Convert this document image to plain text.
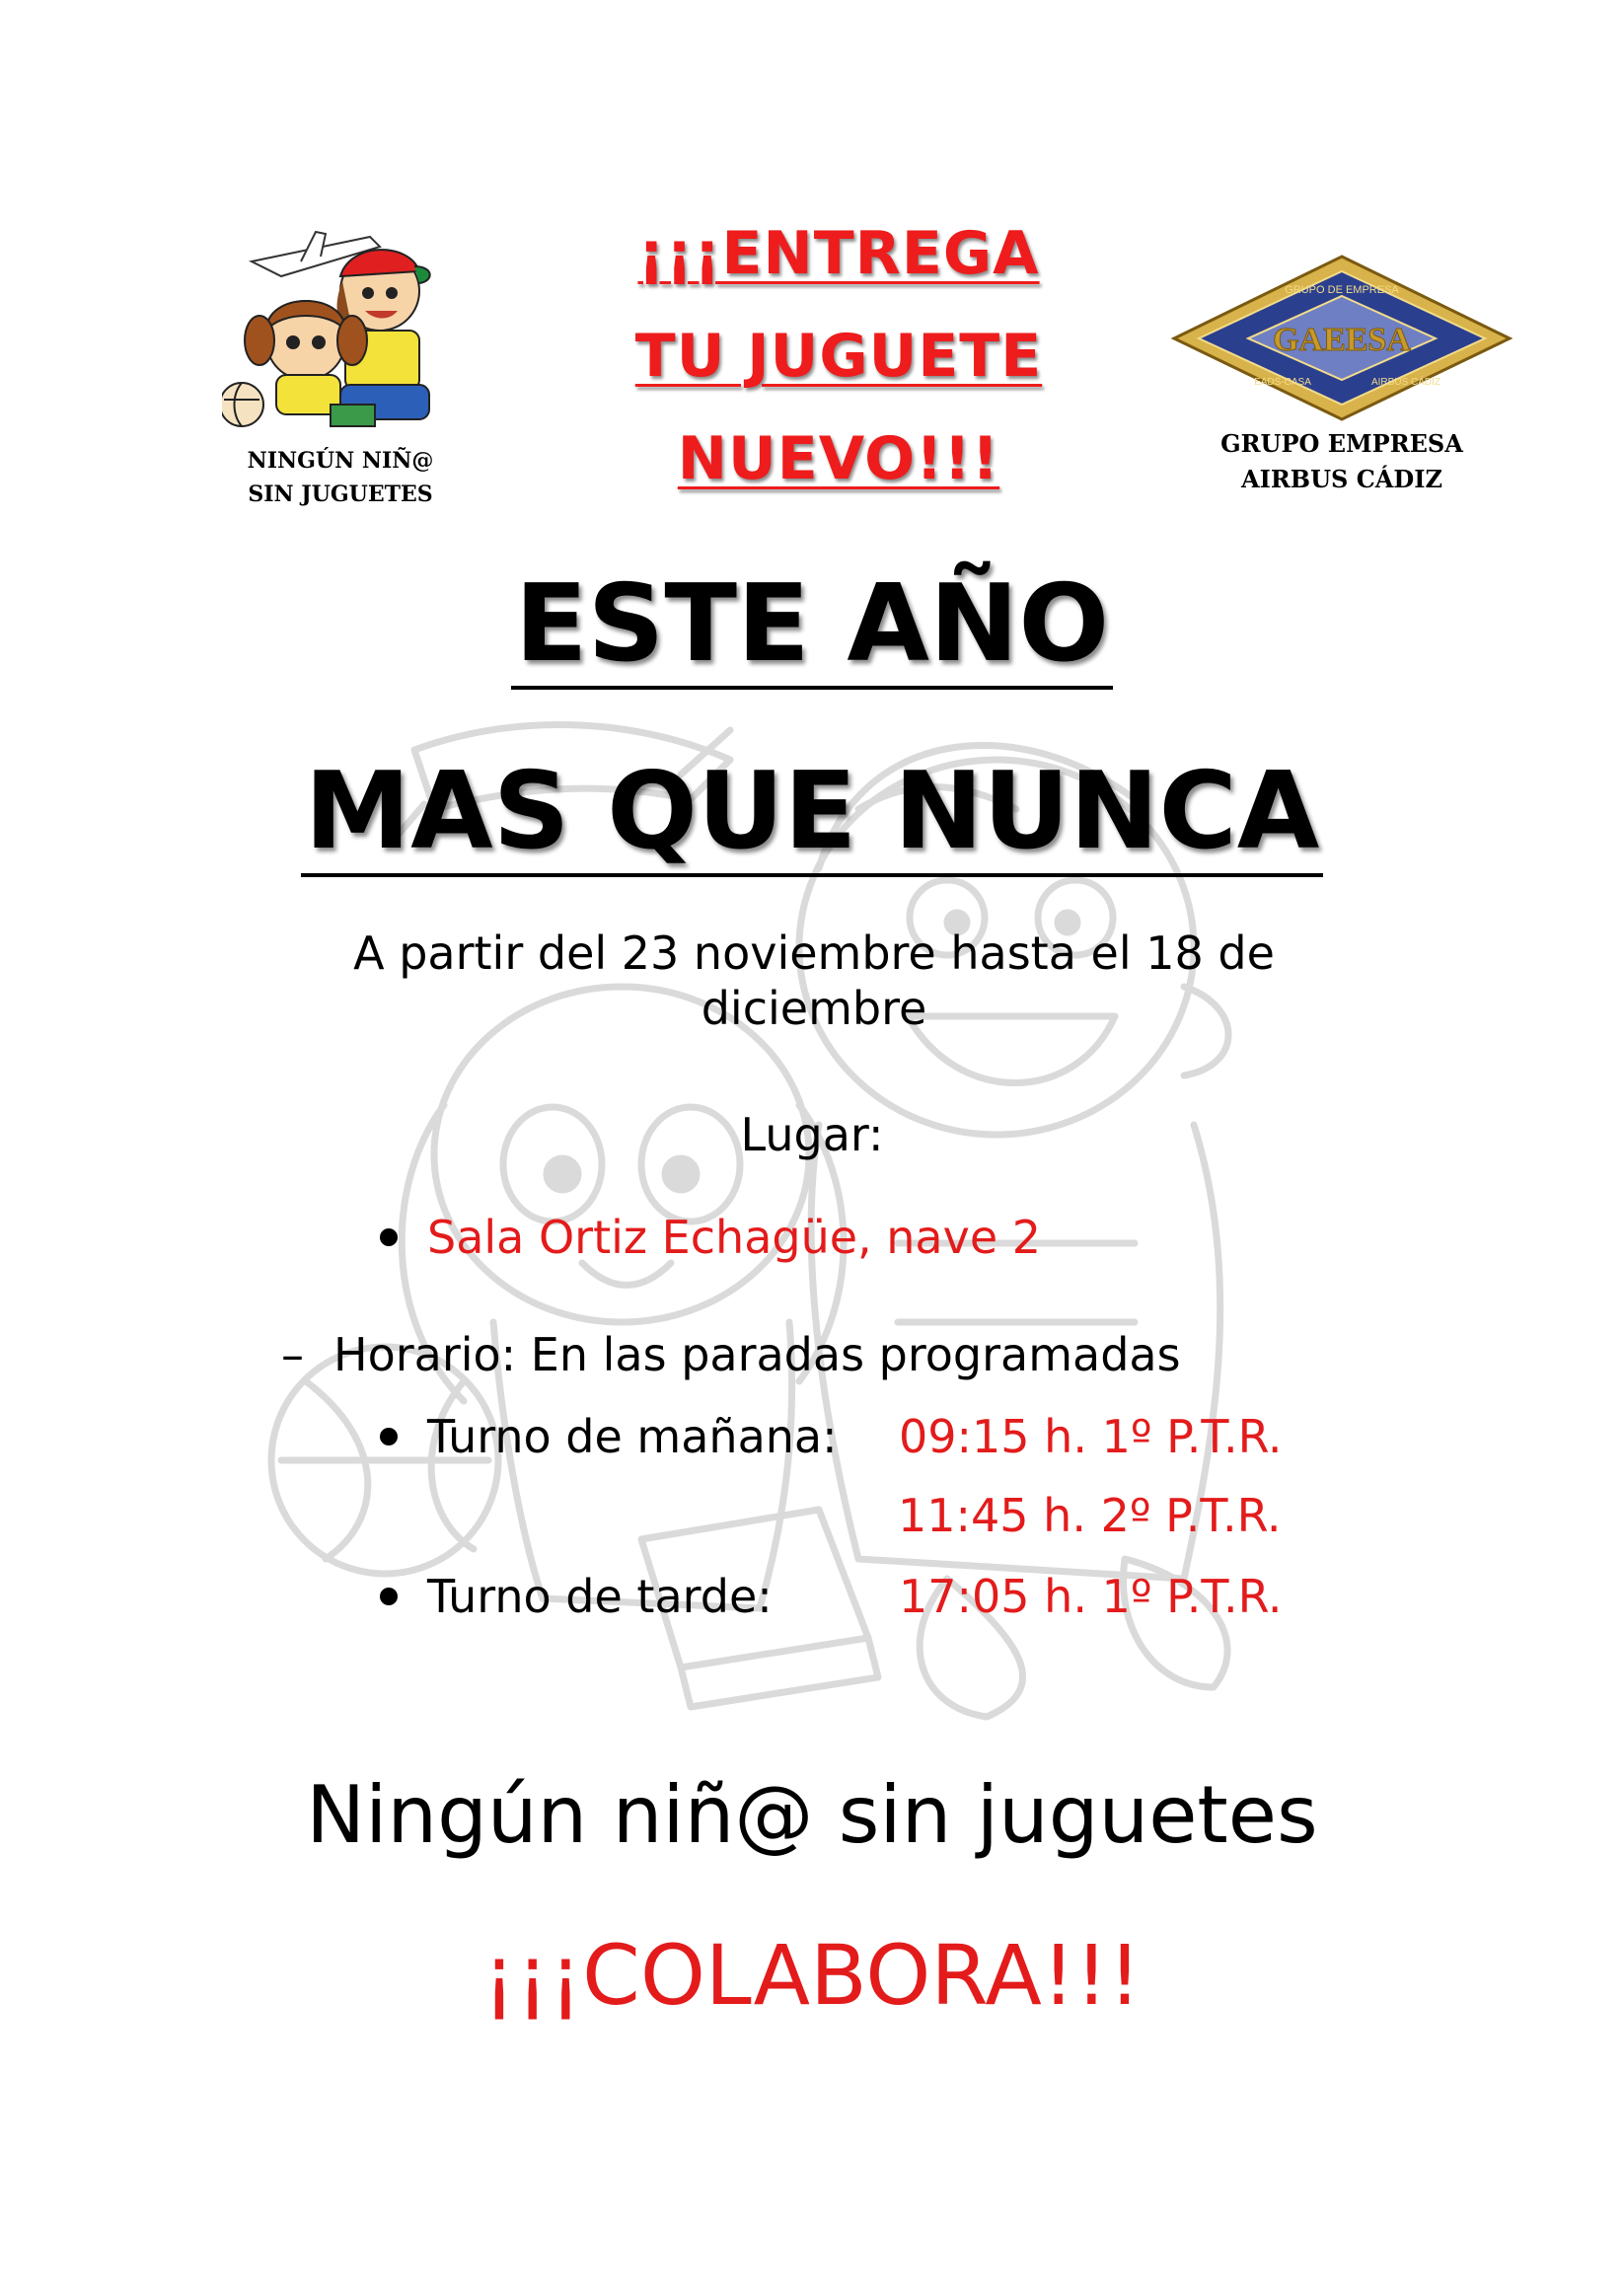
NINGÚN NIÑ@
SIN JUGUETES
¡¡¡ENTREGA
TU JUGUETE
NUEVO!!!
GAEESA
GRUPO DE EMPRESA
EADS-CASA	AIRBUS CÁDIZ
GRUPO EMPRESA
AIRBUS CÁDIZ
ESTE AÑO
MAS QUE NUNCA
A partir del 23 noviembre hasta el 18 de diciembre
Lugar:
Sala Ortiz Echagüe, nave 2
– Horario: En las paradas programadas
Turno de mañana: 09:15 h. 1º P.T.R.
11:45 h. 2º P.T.R.
Turno de tarde:	17:05 h. 1º P.T.R.
Ningún niñ@ sin juguetes
¡¡¡COLABORA!!!
